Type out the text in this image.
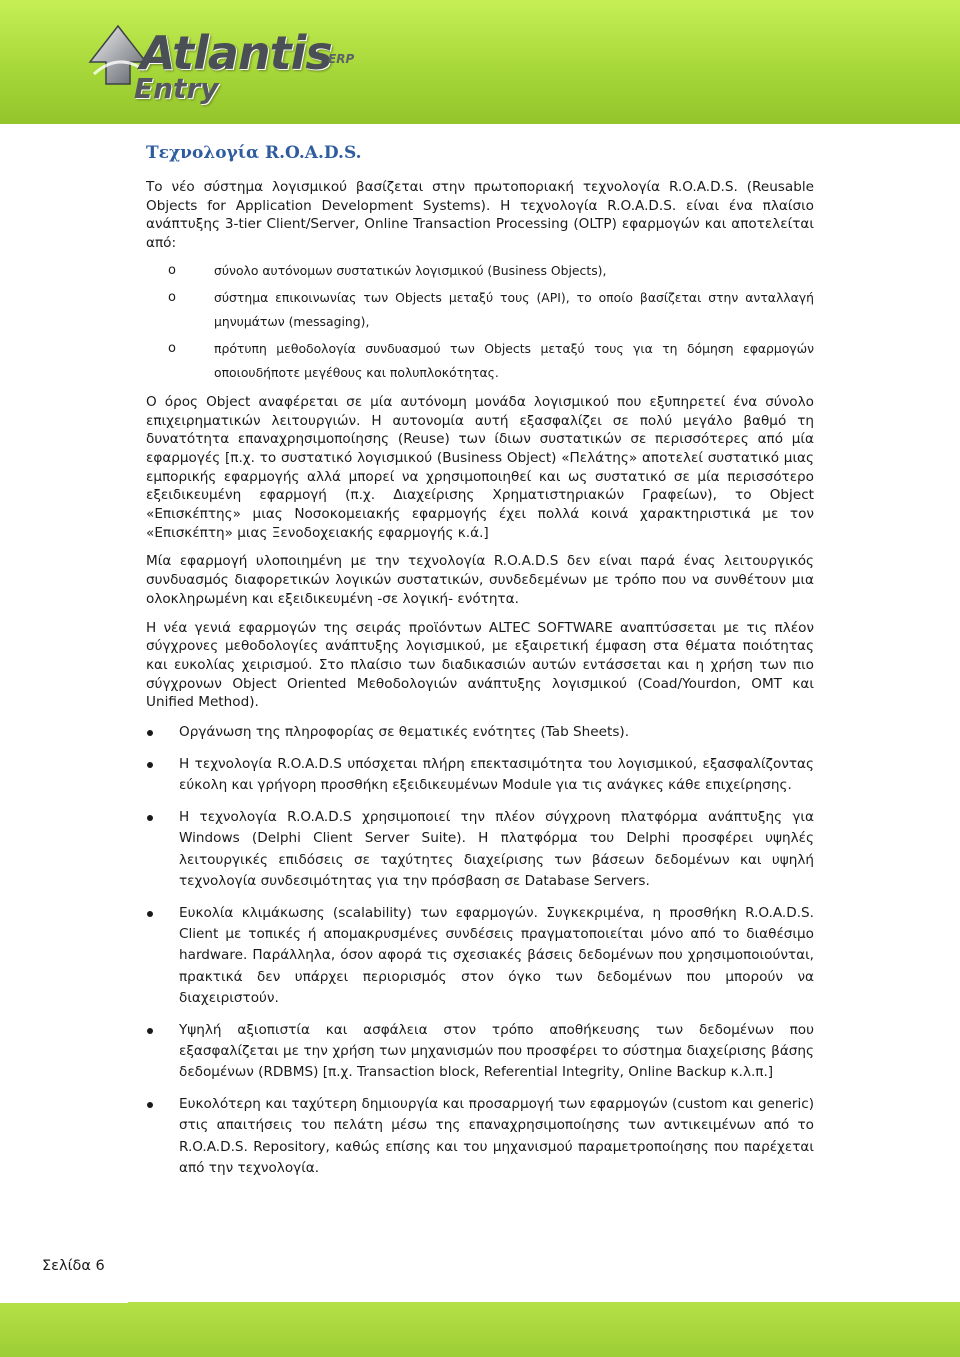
Atlantis
ERP
Entry
Τεχνολογία R.O.A.D.S.

Το νέο σύστημα λογισμικού βασίζεται στην πρωτοποριακή τεχνολογία R.O.A.D.S. (Reusable Objects for Application Development Systems). Η τεχνολογία R.O.A.D.S. είναι ένα πλαίσιο ανάπτυξης 3-tier Client/Server, Online Transaction Processing (OLTP) εφαρμογών και αποτελείται από:

o	σύνολο αυτόνομων συστατικών λογισμικού (Business Objects),
o	σύστημα επικοινωνίας των Objects μεταξύ τους (API), το οποίο βασίζεται στην ανταλλαγή μηνυμάτων (messaging),
o	πρότυπη μεθοδολογία συνδυασμού των Objects μεταξύ τους για τη δόμηση εφαρμογών οποιουδήποτε μεγέθους και πολυπλοκότητας.

Ο όρος Object αναφέρεται σε μία αυτόνομη μονάδα λογισμικού που εξυπηρετεί ένα σύνολο επιχειρηματικών λειτουργιών. Η αυτονομία αυτή εξασφαλίζει σε πολύ μεγάλο βαθμό τη δυνατότητα επαναχρησιμοποίησης (Reuse) των ίδιων συστατικών σε περισσότερες από μία εφαρμογές [π.χ. το συστατικό λογισμικού (Business Object) «Πελάτης» αποτελεί συστατικό μιας εμπορικής εφαρμογής αλλά μπορεί να χρησιμοποιηθεί και ως συστατικό σε μία περισσότερο εξειδικευμένη εφαρμογή (π.χ. Διαχείρισης Χρηματιστηριακών Γραφείων), το Object «Επισκέπτης» μιας Νοσοκομειακής εφαρμογής έχει πολλά κοινά χαρακτηριστικά με τον «Επισκέπτη» μιας Ξενοδοχειακής εφαρμογής κ.ά.]

Μία εφαρμογή υλοποιημένη με την τεχνολογία R.O.A.D.S δεν είναι παρά ένας λειτουργικός συνδυασμός διαφορετικών λογικών συστατικών, συνδεδεμένων με τρόπο που να συνθέτουν μια ολοκληρωμένη και εξειδικευμένη -σε λογική- ενότητα.

Η νέα γενιά εφαρμογών της σειράς προϊόντων ALTEC SOFTWARE αναπτύσσεται με τις πλέον σύγχρονες μεθοδολογίες ανάπτυξης λογισμικού, με εξαιρετική έμφαση στα θέματα ποιότητας και ευκολίας χειρισμού. Στο πλαίσιο των διαδικασιών αυτών εντάσσεται και η χρήση των πιο σύγχρονων Object Oriented Μεθοδολογιών ανάπτυξης λογισμικού (Coad/Yourdon, OMT και Unified Method).

Οργάνωση της πληροφορίας σε θεματικές ενότητες (Tab Sheets).
Η τεχνολογία R.O.A.D.S υπόσχεται πλήρη επεκτασιμότητα του λογισμικού, εξασφαλίζοντας εύκολη και γρήγορη προσθήκη εξειδικευμένων Module για τις ανάγκες κάθε επιχείρησης.
Η τεχνολογία R.O.A.D.S χρησιμοποιεί την πλέον σύγχρονη πλατφόρμα ανάπτυξης για Windows (Delphi Client Server Suite). Η πλατφόρμα του Delphi προσφέρει υψηλές λειτουργικές επιδόσεις σε ταχύτητες διαχείρισης των βάσεων δεδομένων και υψηλή τεχνολογία συνδεσιμότητας για την πρόσβαση σε Database Servers.
Ευκολία κλιμάκωσης (scalability) των εφαρμογών. Συγκεκριμένα, η προσθήκη R.O.A.D.S. Client με τοπικές ή απομακρυσμένες συνδέσεις πραγματοποιείται μόνο από το διαθέσιμο hardware. Παράλληλα, όσον αφορά τις σχεσιακές βάσεις δεδομένων που χρησιμοποιούνται, πρακτικά δεν υπάρχει περιορισμός στον όγκο των δεδομένων που μπορούν να διαχειριστούν.
Υψηλή αξιοπιστία και ασφάλεια στον τρόπο αποθήκευσης των δεδομένων που εξασφαλίζεται με την χρήση των μηχανισμών που προσφέρει το σύστημα διαχείρισης βάσης δεδομένων (RDBMS) [π.χ. Transaction block, Referential Integrity, Online Backup κ.λ.π.]
Ευκολότερη και ταχύτερη δημιουργία και προσαρμογή των εφαρμογών (custom και generic) στις απαιτήσεις του πελάτη μέσω της επαναχρησιμοποίησης των αντικειμένων από το R.O.A.D.S. Repository, καθώς επίσης και του μηχανισμού παραμετροποίησης που παρέχεται από την τεχνολογία.
Σελίδα 6
